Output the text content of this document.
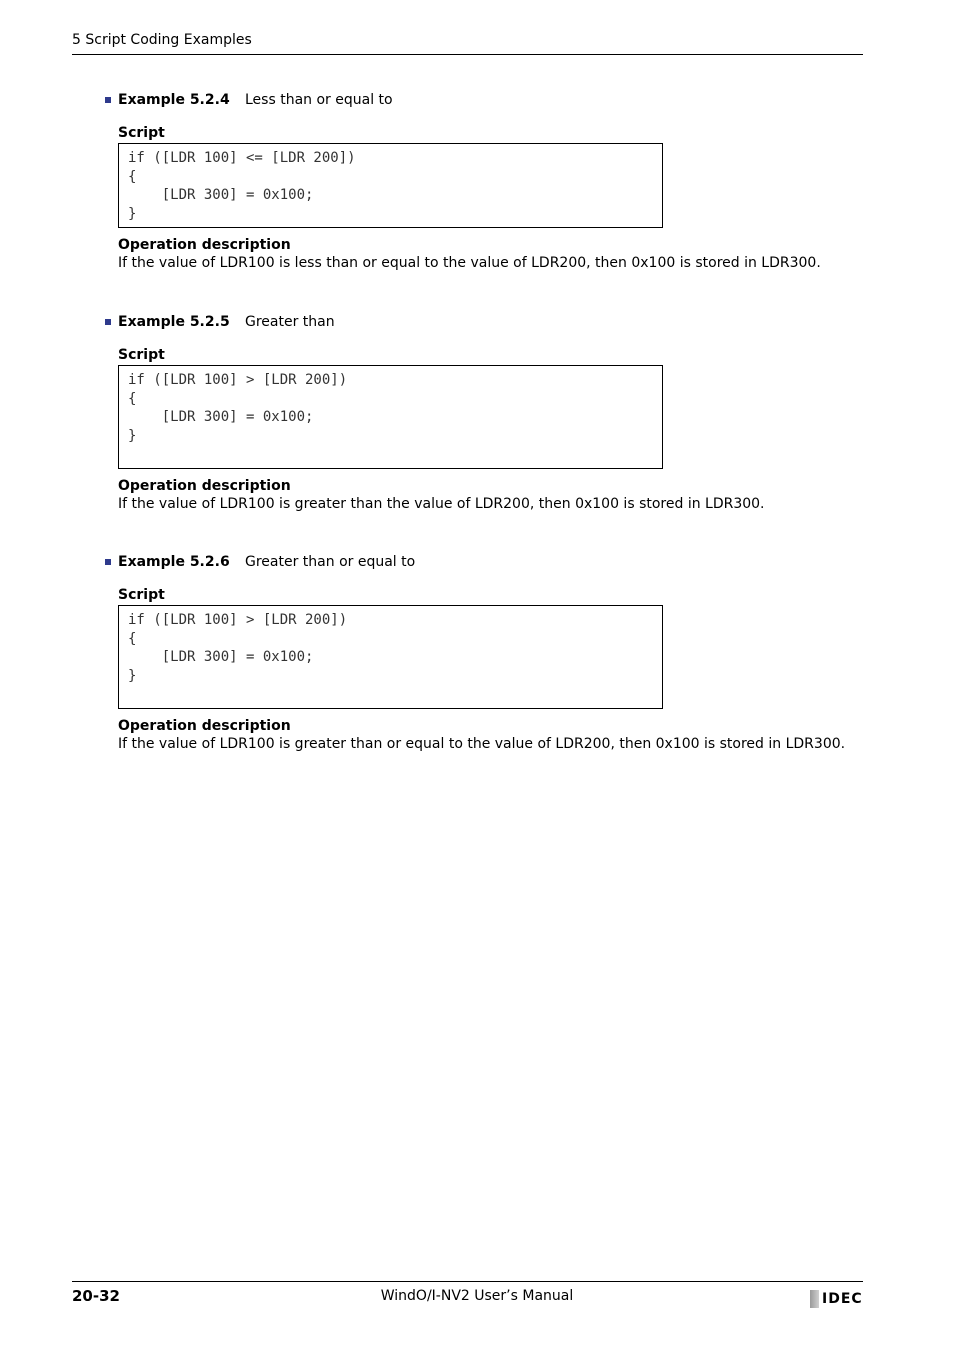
5 Script Coding Examples
Example 5.2.4 Less than or equal to
Script
if ([LDR 100] <= [LDR 200])
{
[LDR 300] = 0x100;
}
Operation description
If the value of LDR100 is less than or equal to the value of LDR200, then 0x100 is stored in LDR300.
Example 5.2.5 Greater than
Script
if ([LDR 100] > [LDR 200])
{
[LDR 300] = 0x100;
}
Operation description
If the value of LDR100 is greater than the value of LDR200, then 0x100 is stored in LDR300.
Example 5.2.6 Greater than or equal to
Script
if ([LDR 100] > [LDR 200])
{
[LDR 300] = 0x100;
}
Operation description
If the value of LDR100 is greater than or equal to the value of LDR200, then 0x100 is stored in LDR300.
20-32	WindO/I-NV2 User’s Manual	IDEC
